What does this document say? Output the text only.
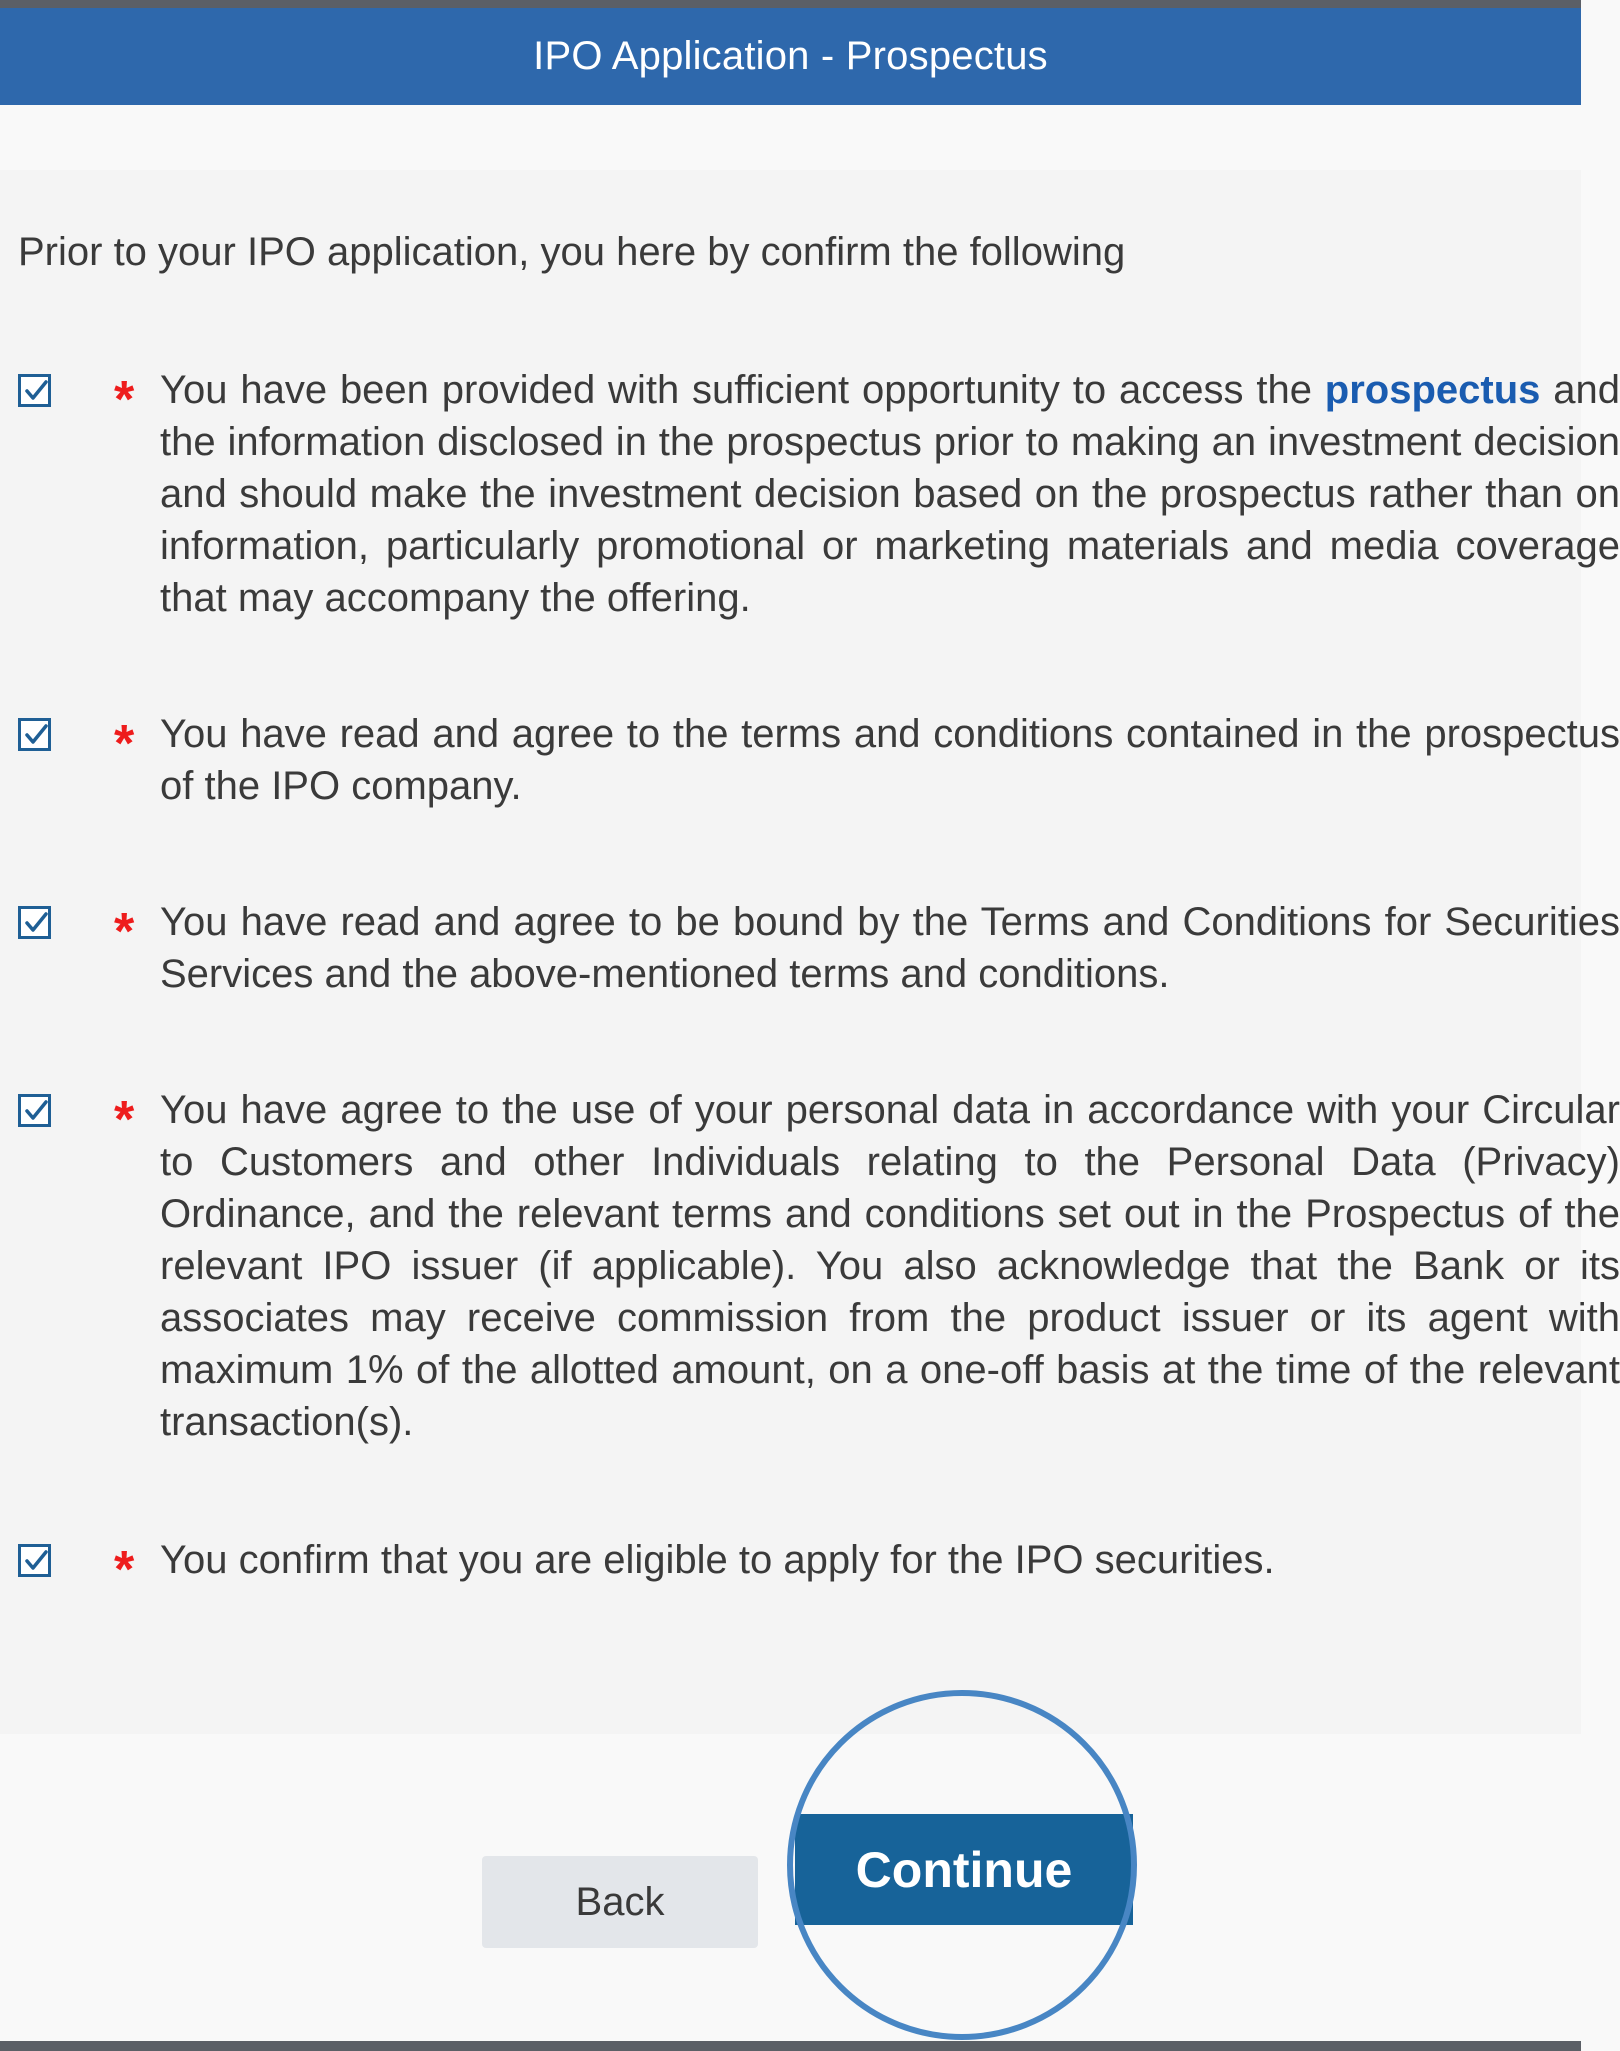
IPO Application - Prospectus
Prior to your IPO application, you here by confirm the following
* You have been provided with sufficient opportunity to access the prospectus and the information disclosed in the prospectus prior to making an investment decision and should make the investment decision based on the prospectus rather than on information, particularly promotional or marketing materials and media coverage that may accompany the offering.
* You have read and agree to the terms and conditions contained in the prospectus of the IPO company.
* You have read and agree to be bound by the Terms and Conditions for Securities Services and the above-mentioned terms and conditions.
* You have agree to the use of your personal data in accordance with your Circular to Customers and other Individuals relating to the Personal Data (Privacy) Ordinance, and the relevant terms and conditions set out in the Prospectus of the relevant IPO issuer (if applicable). You also acknowledge that the Bank or its associates may receive commission from the product issuer or its agent with maximum 1% of the allotted amount, on a one-off basis at the time of the relevant transaction(s).
* You confirm that you are eligible to apply for the IPO securities.
Back
Continue
